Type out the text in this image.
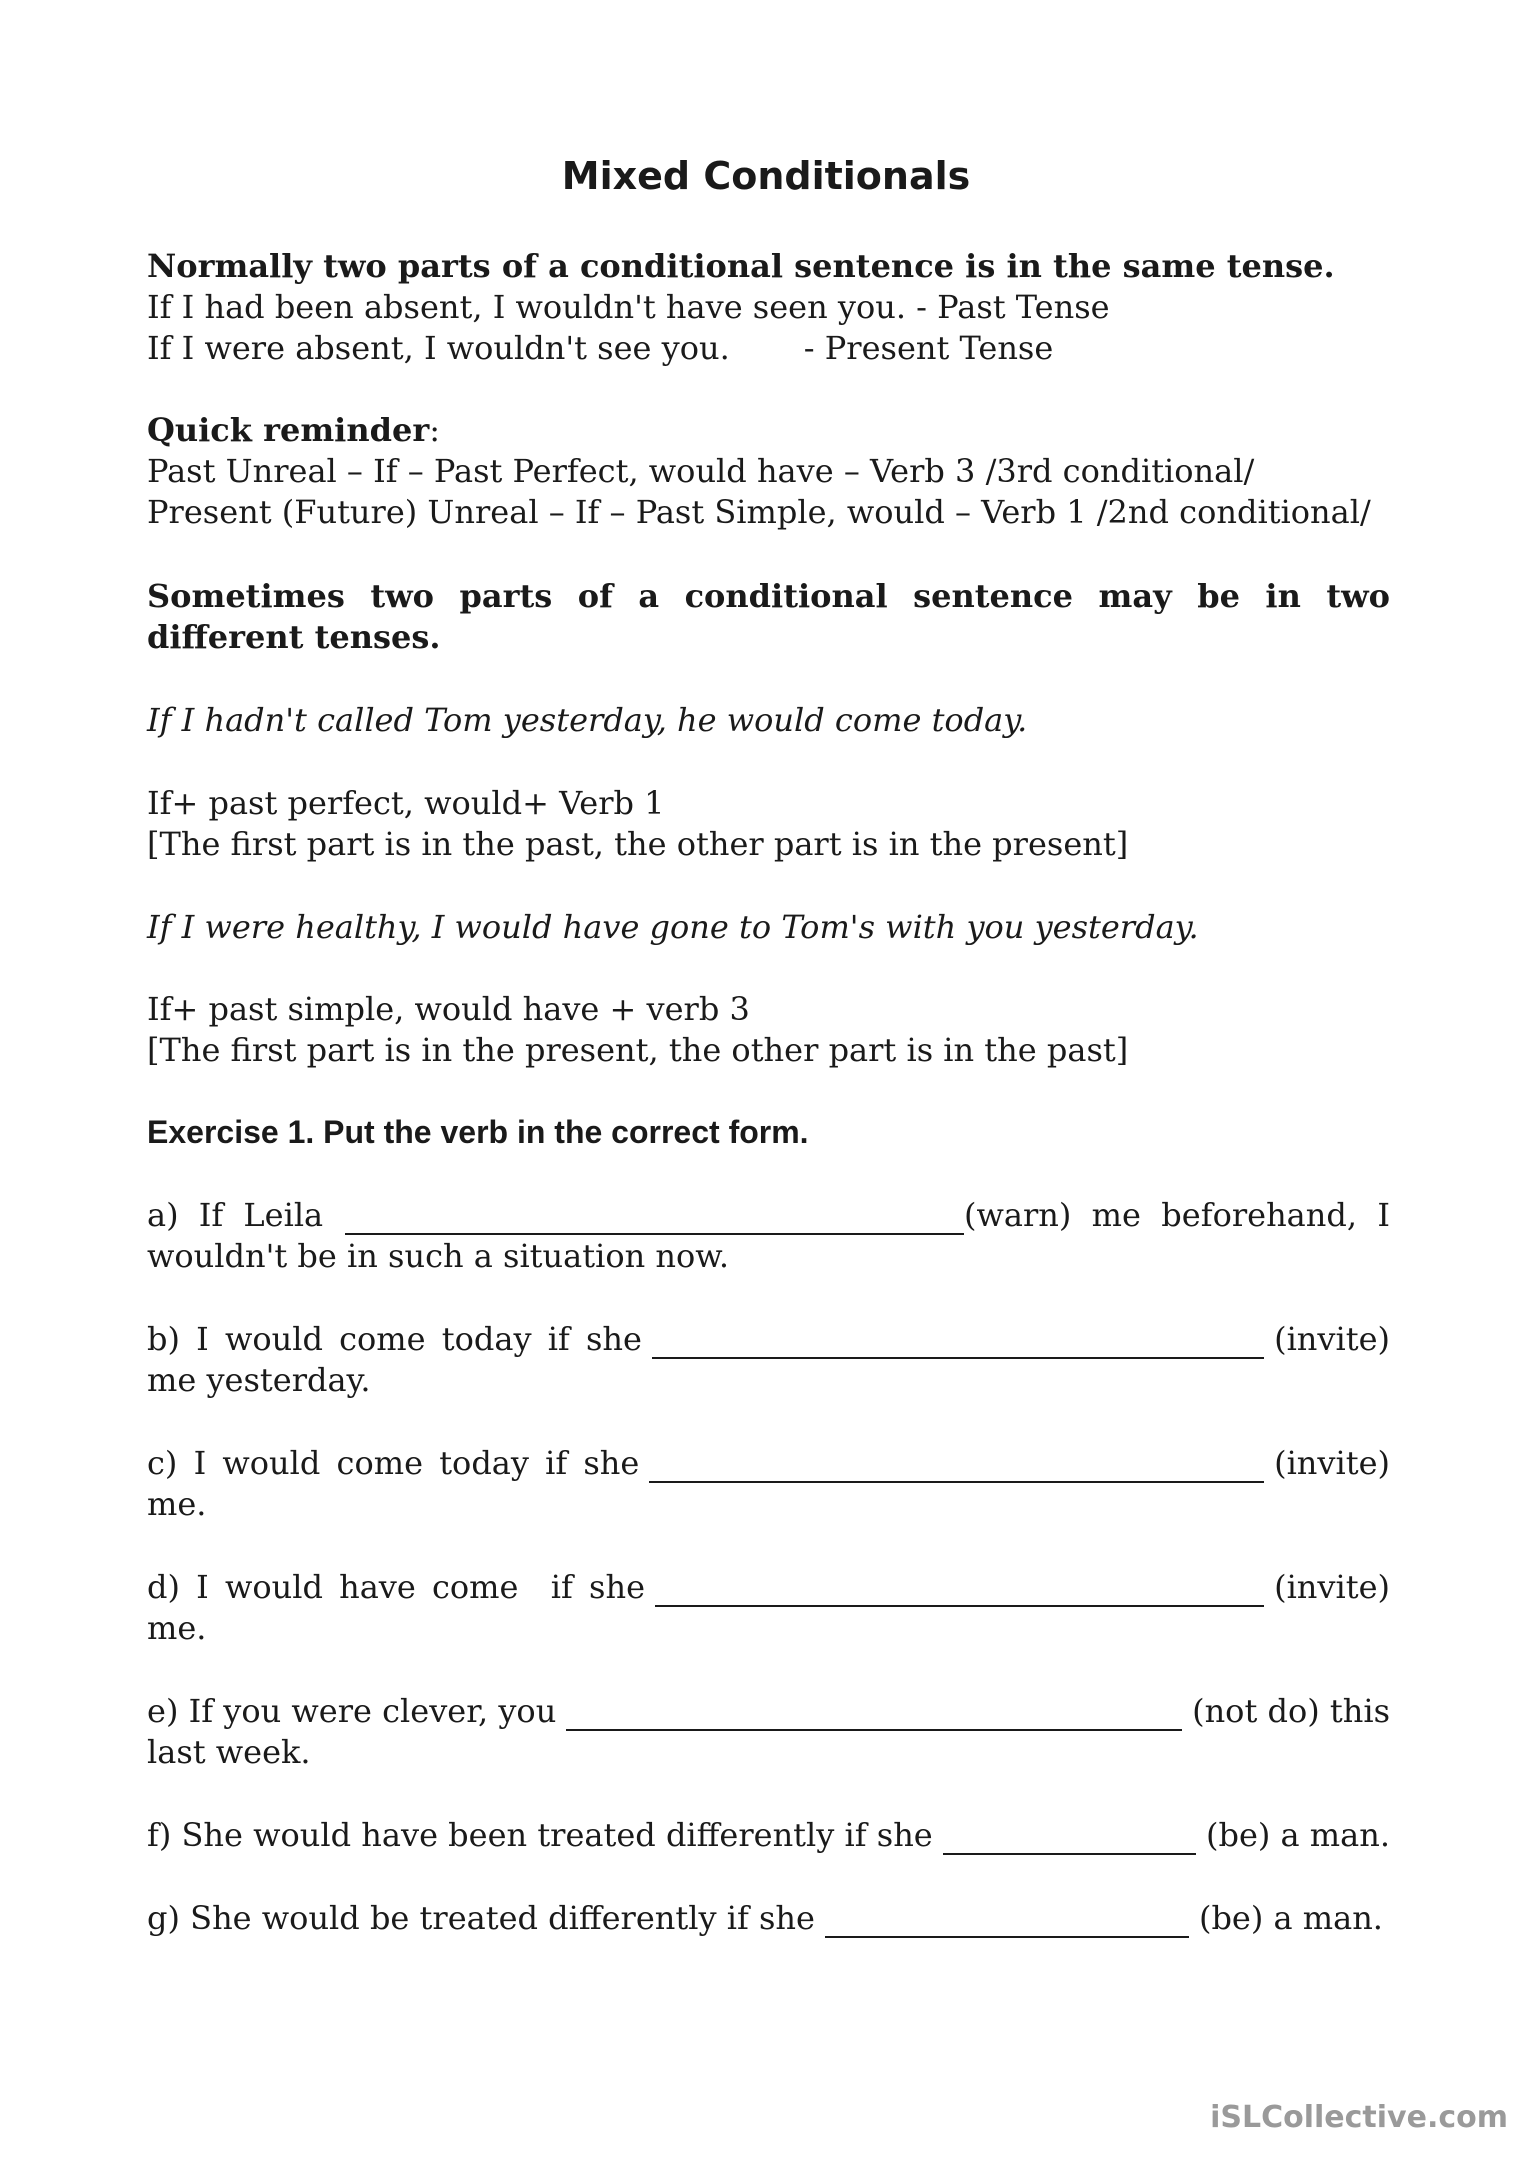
Mixed Conditionals
Normally two parts of a conditional sentence is in the same tense.
If I had been absent, I wouldn't have seen you. - Past Tense
If I were absent, I wouldn't see you. - Present Tense
Quick reminder:
Past Unreal – If – Past Perfect, would have – Verb 3 /3rd conditional/
Present (Future) Unreal – If – Past Simple, would – Verb 1 /2nd conditional/
Sometimes two parts of a conditional sentence may be in two
different tenses.
If I hadn't called Tom yesterday, he would come today.
If+ past perfect, would+ Verb 1
[The first part is in the past, the other part is in the present]
If I were healthy, I would have gone to Tom's with you yesterday.
If+ past simple, would have + verb 3
[The first part is in the present, the other part is in the past]
Exercise 1. Put the verb in the correct form.
a) If Leila	(warn)  me  beforehand,  I
wouldn't be in such a situation now.
b) I would come today if she	(invite)
me yesterday.
c) I would come today if she	(invite)
me.
d) I would have come  if she	(invite)
me.
e) If you were clever, you	(not do) this
last week.
f) She would have been treated differently if she	(be) a man.
g) She would be treated differently if she	(be) a man.
iSLCollective.com
